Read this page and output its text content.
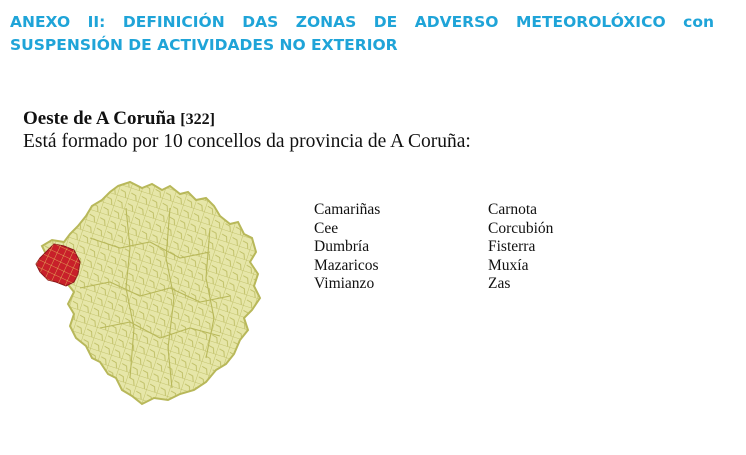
ANEXO II: DEFINICIÓN DAS ZONAS DE ADVERSO METEOROLÓXICO con
SUSPENSIÓN DE ACTIVIDADES NO EXTERIOR
Oeste de A Coruña [322]
Está formado por 10 concellos da provincia de A Coruña:
Camariñas
Cee
Dumbría
Mazaricos
Vimianzo
Carnota
Corcubión
Fisterra
Muxía
Zas
